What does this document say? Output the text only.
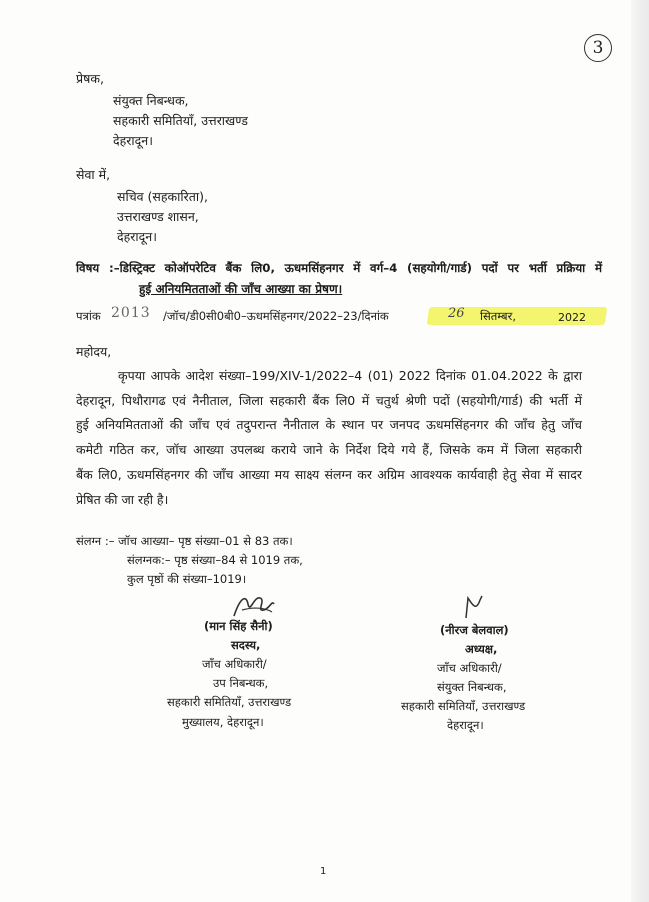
3
प्रेषक,
संयुक्त निबन्धक,
सहकारी समितियाँ, उत्तराखण्ड
देहरादून।
सेवा में,
सचिव (सहकारिता),
उत्तराखण्ड शासन,
देहरादून।
विषय :–डिस्ट्रिक्ट कोऑपरेटिव बैंक लि0, ऊधमसिंहनगर में वर्ग–4 (सहयोगी/गार्ड) पदों पर भर्ती प्रक्रिया में
हुई अनियमितताओं की जाँच आख्या का प्रेषण।
पत्रांक 2013 /जॉच/डी0सी0बी0–ऊधमसिंहनगर/2022–23/दिनांक	26 सितम्बर,	2022
महोदय,
कृपया आपके आदेश संख्या–199/XIV-1/2022–4 (01) 2022 दिनांक 01.04.2022 के द्वारा
देहरादून, पिथौरागढ एवं नैनीताल, जिला सहकारी बैंक लि0 में चतुर्थ श्रेणी पदों (सहयोगी/गार्ड) की भर्ती में
हुई अनियमितताओं की जाँच एवं तदुपरान्त नैनीताल के स्थान पर जनपद ऊधमसिंहनगर की जाँच हेतु जाँच
कमेटी गठित कर, जॉच आख्या उपलब्ध कराये जाने के निर्देश दिये गये हैं, जिसके कम में जिला सहकारी
बैंक लि0, ऊधमसिंहनगर की जाँच आख्या मय साक्ष्य संलग्न कर अग्रिम आवश्यक कार्यवाही हेतु सेवा में सादर
प्रेषित की जा रही है।
संलग्न :– जॉच आख्या– पृष्ठ संख्या–01 से 83 तक।
संलग्नक:– पृष्ठ संख्या–84 से 1019 तक,
कुल पृष्ठों की संख्या–1019।
(मान सिंह सैनी)
सदस्य,
जाँच अधिकारी/
उप निबन्धक,
सहकारी समितियाँ, उत्तराखण्ड
मुख्यालय, देहरादून।
(नीरज बेलवाल)
अध्यक्ष,
जाँच अधिकारी/
संयुक्त निबन्धक,
सहकारी समितियाँ, उत्तराखण्ड
देहरादून।
1
